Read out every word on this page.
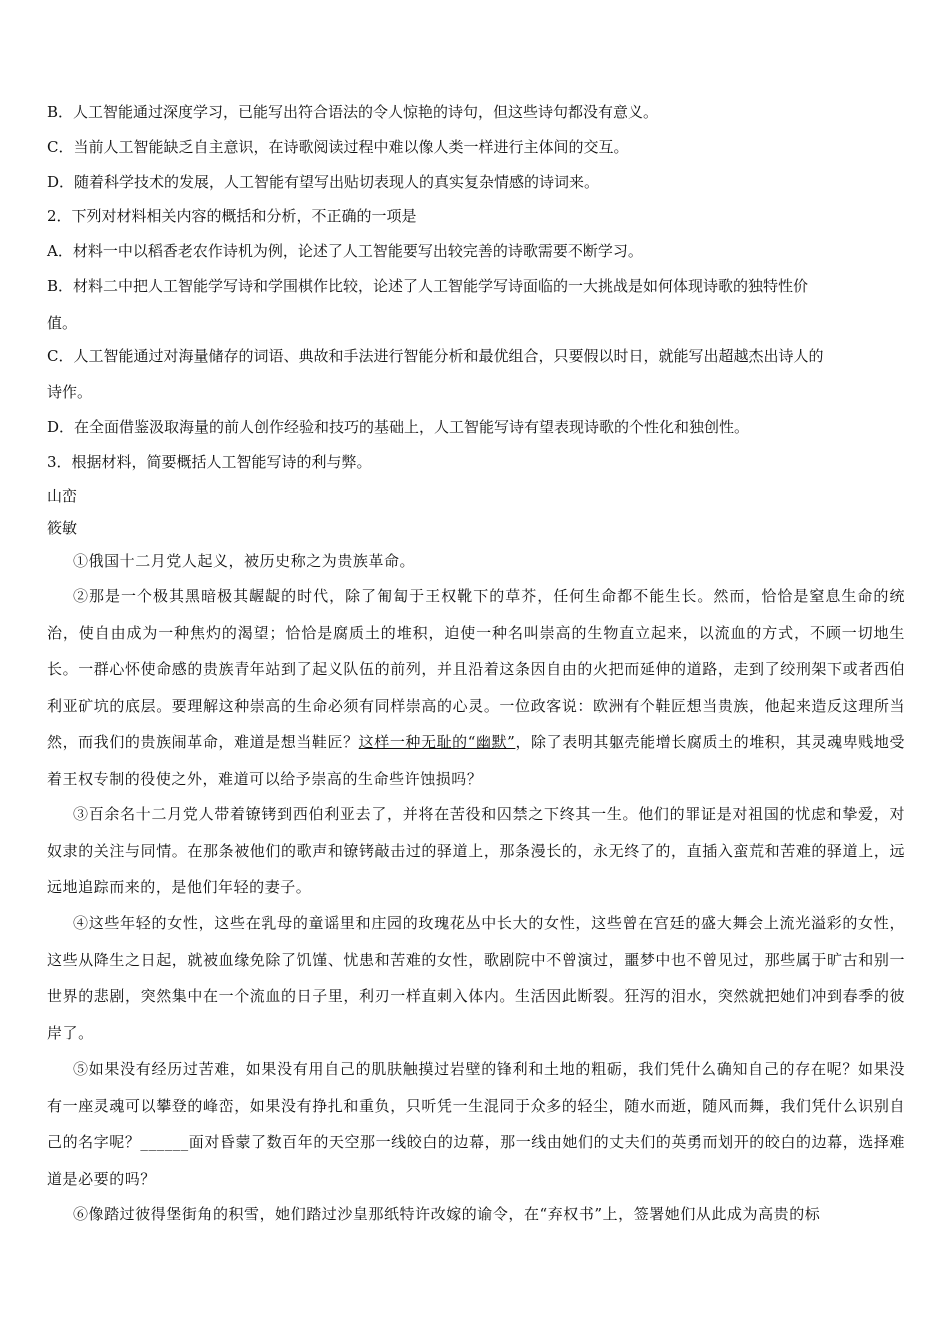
B．人工智能通过深度学习，已能写出符合语法的令人惊艳的诗句，但这些诗句都没有意义。
C．当前人工智能缺乏自主意识，在诗歌阅读过程中难以像人类一样进行主体间的交互。
D．随着科学技术的发展，人工智能有望写出贴切表现人的真实复杂情感的诗词来。
2．下列对材料相关内容的概括和分析，不正确的一项是
A．材料一中以稻香老农作诗机为例，论述了人工智能要写出较完善的诗歌需要不断学习。
B．材料二中把人工智能学写诗和学围棋作比较，论述了人工智能学写诗面临的一大挑战是如何体现诗歌的独特性价
值。
C．人工智能通过对海量储存的词语、典故和手法进行智能分析和最优组合，只要假以时日，就能写出超越杰出诗人的
诗作。
D．在全面借鉴汲取海量的前人创作经验和技巧的基础上，人工智能写诗有望表现诗歌的个性化和独创性。
3．根据材料，简要概括人工智能写诗的利与弊。
山峦
筱敏
①俄国十二月党人起义，被历史称之为贵族革命。
②那是一个极其黑暗极其龌龊的时代，除了匍匐于王权靴下的草芥，任何生命都不能生长。然而，恰恰是窒息生命的统治，使自由成为一种焦灼的渴望；恰恰是腐质土的堆积，迫使一种名叫崇高的生物直立起来，以流血的方式，不顾一切地生长。一群心怀使命感的贵族青年站到了起义队伍的前列，并且沿着这条因自由的火把而延伸的道路，走到了绞刑架下或者西伯利亚矿坑的底层。要理解这种崇高的生命必须有同样崇高的心灵。一位政客说：欧洲有个鞋匠想当贵族，他起来造反这理所当然，而我们的贵族闹革命，难道是想当鞋匠？这样一种无耻的“幽默”，除了表明其躯壳能增长腐质土的堆积，其灵魂卑贱地受着王权专制的役使之外，难道可以给予崇高的生命些许蚀损吗？
③百余名十二月党人带着镣铐到西伯利亚去了，并将在苦役和囚禁之下终其一生。他们的罪证是对祖国的忧虑和挚爱，对奴隶的关注与同情。在那条被他们的歌声和镣铐敲击过的驿道上，那条漫长的，永无终了的，直插入蛮荒和苦难的驿道上，远远地追踪而来的，是他们年轻的妻子。
④这些年轻的女性，这些在乳母的童谣里和庄园的玫瑰花丛中长大的女性，这些曾在宫廷的盛大舞会上流光溢彩的女性，这些从降生之日起，就被血缘免除了饥馑、忧患和苦难的女性，歌剧院中不曾演过，噩梦中也不曾见过，那些属于旷古和别一世界的悲剧，突然集中在一个流血的日子里，利刃一样直刺入体内。生活因此断裂。狂泻的泪水，突然就把她们冲到春季的彼岸了。
⑤如果没有经历过苦难，如果没有用自己的肌肤触摸过岩壁的锋利和土地的粗砺，我们凭什么确知自己的存在呢？如果没有一座灵魂可以攀登的峰峦，如果没有挣扎和重负，只听凭一生混同于众多的轻尘，随水而逝，随风而舞，我们凭什么识别自己的名字呢？______面对昏蒙了数百年的天空那一线皎白的边幕，那一线由她们的丈夫们的英勇而划开的皎白的边幕，选择难道是必要的吗？
⑥像踏过彼得堡街角的积雪，她们踏过沙皇那纸特许改嫁的谕令，在“弃权书”上，签署她们从此成为高贵的标
